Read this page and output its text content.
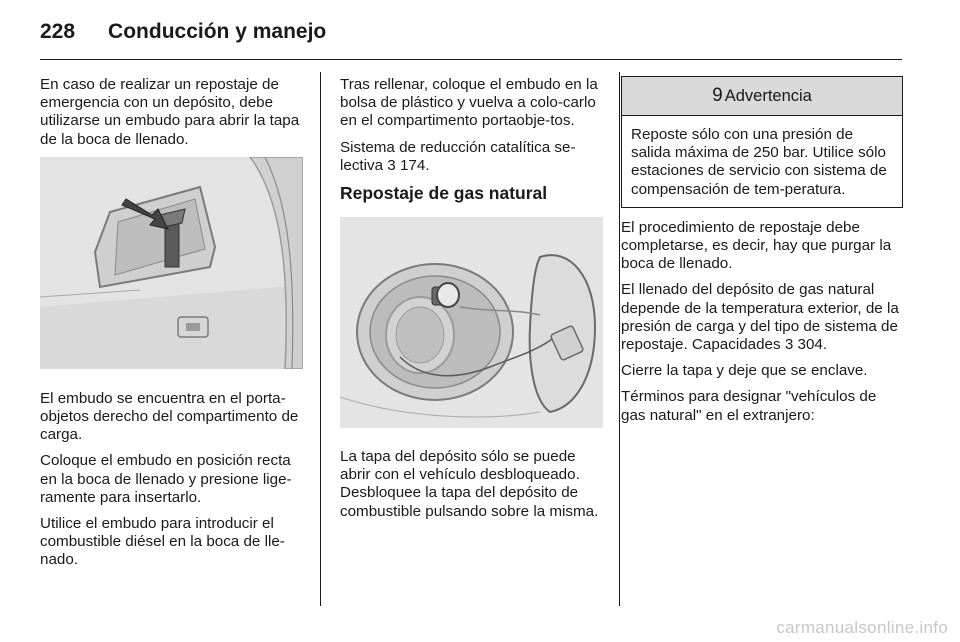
228 Conducción y manejo

En caso de realizar un repostaje de emergencia con un depósito, debe utilizarse un embudo para abrir la tapa de la boca de llenado.

El embudo se encuentra en el porta-objetos derecho del compartimento de carga.

Coloque el embudo en posición recta en la boca de llenado y presione lige-ramente para insertarlo.

Utilice el embudo para introducir el combustible diésel en la boca de lle-nado.

Tras rellenar, coloque el embudo en la bolsa de plástico y vuelva a colo-carlo en el compartimento portaobje-tos.

Sistema de reducción catalítica se-lectiva 3 174.

Repostaje de gas natural

La tapa del depósito sólo se puede abrir con el vehículo desbloqueado. Desbloquee la tapa del depósito de combustible pulsando sobre la misma.

9 Advertencia
Reposte sólo con una presión de salida máxima de 250 bar. Utilice sólo estaciones de servicio con sistema de compensación de tem-peratura.

El procedimiento de repostaje debe completarse, es decir, hay que purgar la boca de llenado.

El llenado del depósito de gas natural depende de la temperatura exterior, de la presión de carga y del tipo de sistema de repostaje. Capacidades 3 304.

Cierre la tapa y deje que se enclave.

Términos para designar "vehículos de gas natural" en el extranjero:

carmanualsonline.info
